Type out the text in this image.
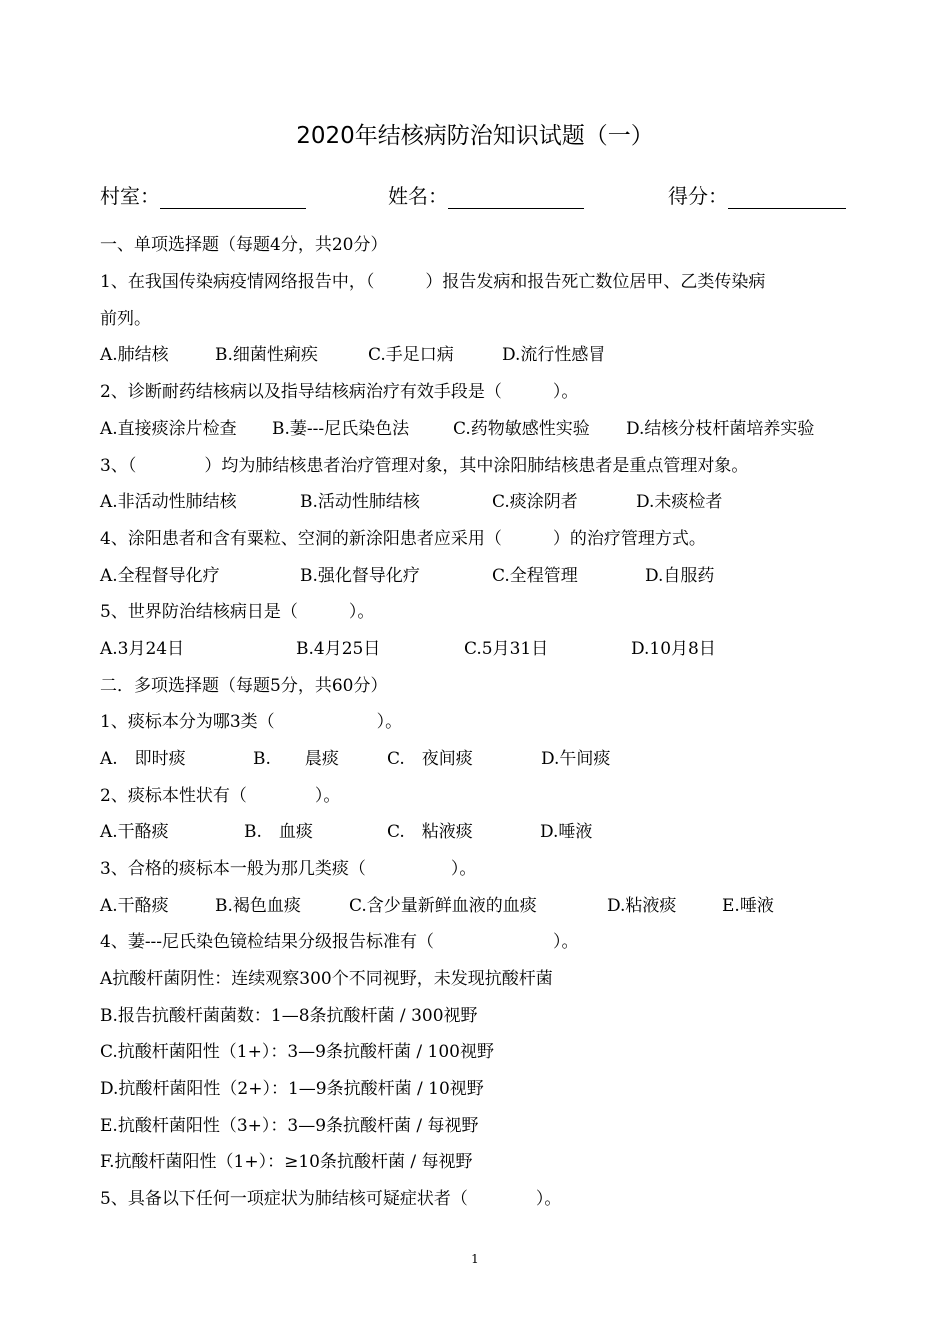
2020年结核病防治知识试题（一）
村室：	姓名：	得分：
一、单项选择题（每题4分，共20分）
1、在我国传染病疫情网络报告中，（　　　）报告发病和报告死亡数位居甲、乙类传染病
前列。
A.肺结核	B.细菌性痢疾	C.手足口病	D.流行性感冒
2、诊断耐药结核病以及指导结核病治疗有效手段是（　　　）。
A.直接痰涂片检查 B.萋---尼氏染色法	C.药物敏感性实验 D.结核分枝杆菌培养实验
3、（　　　　）均为肺结核患者治疗管理对象，其中涂阳肺结核患者是重点管理对象。
A.非活动性肺结核	B.活动性肺结核	C.痰涂阴者	D.未痰检者
4、涂阳患者和含有粟粒、空洞的新涂阳患者应采用（　　　）的治疗管理方式。
A.全程督导化疗	B.强化督导化疗	C.全程管理	D.自服药
5、世界防治结核病日是（　　　）。
A.3月24日	B.4月25日	C.5月31日	D.10月8日
二．多项选择题（每题5分，共60分）
1、痰标本分为哪3类（　　　　　　）。
A.　即时痰	B.　　晨痰	C.　夜间痰	D.午间痰
2、痰标本性状有（　　　　）。
A.干酪痰	B.　血痰	C.　粘液痰	D.唾液
3、合格的痰标本一般为那几类痰（　　　　　）。
A.干酪痰	B.褐色血痰	C.含少量新鲜血液的血痰	D.粘液痰	E.唾液
4、萋---尼氏染色镜检结果分级报告标准有（　　　　　　　）。
A抗酸杆菌阴性：连续观察300个不同视野，未发现抗酸杆菌
B.报告抗酸杆菌菌数：1—8条抗酸杆菌 / 300视野
C.抗酸杆菌阳性（1+）：3—9条抗酸杆菌 / 100视野
D.抗酸杆菌阳性（2+）：1—9条抗酸杆菌 / 10视野
E.抗酸杆菌阳性（3+）：3—9条抗酸杆菌 / 每视野
F.抗酸杆菌阳性（1+）：≥10条抗酸杆菌 / 每视野
5、具备以下任何一项症状为肺结核可疑症状者（　　　　）。
1
